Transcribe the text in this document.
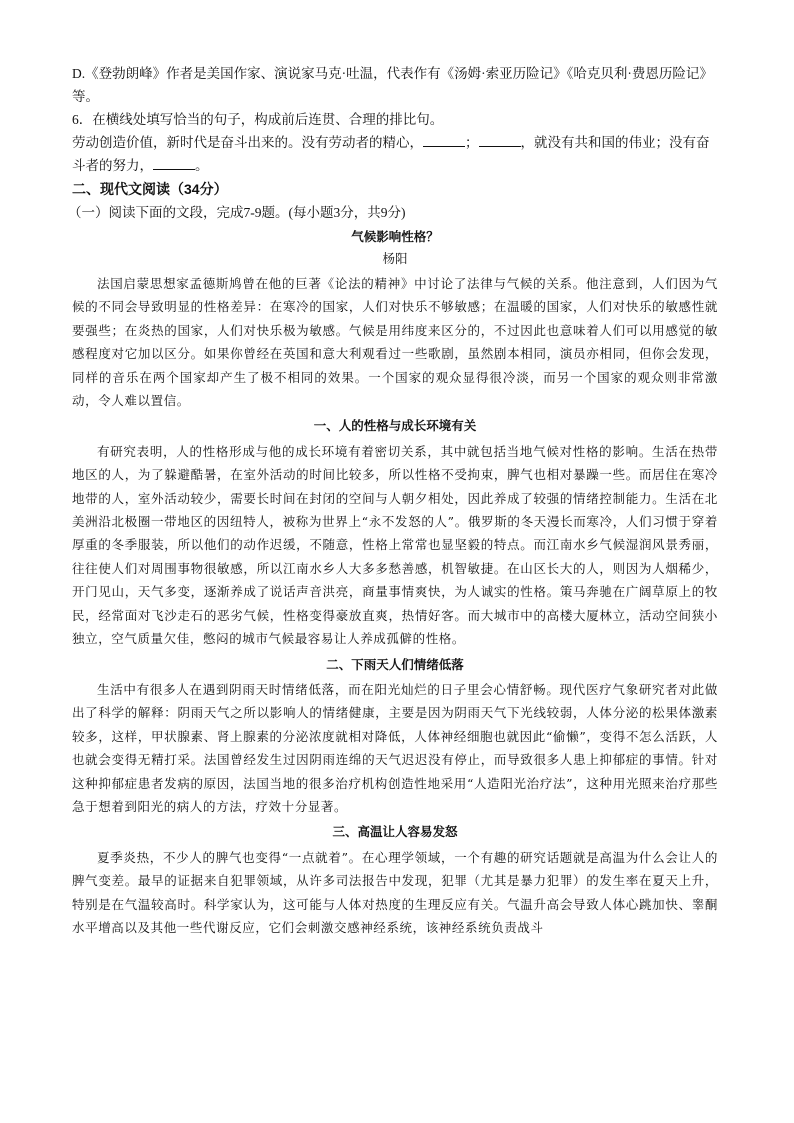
D.《登勃朗峰》作者是美国作家、演说家马克·吐温，代表作有《汤姆·索亚历险记》《哈克贝利·费恩历险记》等。

6．在横线处填写恰当的句子，构成前后连贯、合理的排比句。

劳动创造价值，新时代是奋斗出来的。没有劳动者的精心，	；	，就没有共和国的伟业；没有奋斗者的努力，	。

二、现代文阅读（34分）

（一）阅读下面的文段，完成7-9题。(每小题3分，共9分)

气候影响性格？

杨阳

法国启蒙思想家孟德斯鸠曾在他的巨著《论法的精神》中讨论了法律与气候的关系。他注意到，人们因为气候的不同会导致明显的性格差异：在寒冷的国家，人们对快乐不够敏感；在温暖的国家，人们对快乐的敏感性就要强些；在炎热的国家，人们对快乐极为敏感。气候是用纬度来区分的，不过因此也意味着人们可以用感觉的敏感程度对它加以区分。如果你曾经在英国和意大利观看过一些歌剧，虽然剧本相同，演员亦相同，但你会发现，同样的音乐在两个国家却产生了极不相同的效果。一个国家的观众显得很冷淡，而另一个国家的观众则非常激动，令人难以置信。

一、人的性格与成长环境有关

有研究表明，人的性格形成与他的成长环境有着密切关系，其中就包括当地气候对性格的影响。生活在热带地区的人，为了躲避酷暑，在室外活动的时间比较多，所以性格不受拘束，脾气也相对暴躁一些。而居住在寒冷地带的人，室外活动较少，需要长时间在封闭的空间与人朝夕相处，因此养成了较强的情绪控制能力。生活在北美洲沿北极圈一带地区的因纽特人，被称为世界上“永不发怒的人”。俄罗斯的冬天漫长而寒冷，人们习惯于穿着厚重的冬季服装，所以他们的动作迟缓，不随意，性格上常常也显坚毅的特点。而江南水乡气候湿润风景秀丽，往往使人们对周围事物很敏感，所以江南水乡人大多多愁善感，机智敏捷。在山区长大的人，则因为人烟稀少，开门见山，天气多变，逐渐养成了说话声音洪亮，商量事情爽快，为人诚实的性格。策马奔驰在广阔草原上的牧民，经常面对飞沙走石的恶劣气候，性格变得豪放直爽，热情好客。而大城市中的高楼大厦林立，活动空间狭小独立，空气质量欠佳，憋闷的城市气候最容易让人养成孤僻的性格。

二、下雨天人们情绪低落

生活中有很多人在遇到阴雨天时情绪低落，而在阳光灿烂的日子里会心情舒畅。现代医疗气象研究者对此做出了科学的解释：阴雨天气之所以影响人的情绪健康，主要是因为阴雨天气下光线较弱，人体分泌的松果体激素较多，这样，甲状腺素、肾上腺素的分泌浓度就相对降低，人体神经细胞也就因此“偷懒”，变得不怎么活跃，人也就会变得无精打采。法国曾经发生过因阴雨连绵的天气迟迟没有停止，而导致很多人患上抑郁症的事情。针对这种抑郁症患者发病的原因，法国当地的很多治疗机构创造性地采用“人造阳光治疗法”，这种用光照来治疗那些急于想着到阳光的病人的方法，疗效十分显著。

三、高温让人容易发怒

夏季炎热，不少人的脾气也变得“一点就着”。在心理学领域，一个有趣的研究话题就是高温为什么会让人的脾气变差。最早的证据来自犯罪领域，从许多司法报告中发现，犯罪（尤其是暴力犯罪）的发生率在夏天上升，特别是在气温较高时。科学家认为，这可能与人体对热度的生理反应有关。气温升高会导致人体心跳加快、睾酮水平增高以及其他一些代谢反应，它们会刺激交感神经系统，该神经系统负责战斗
